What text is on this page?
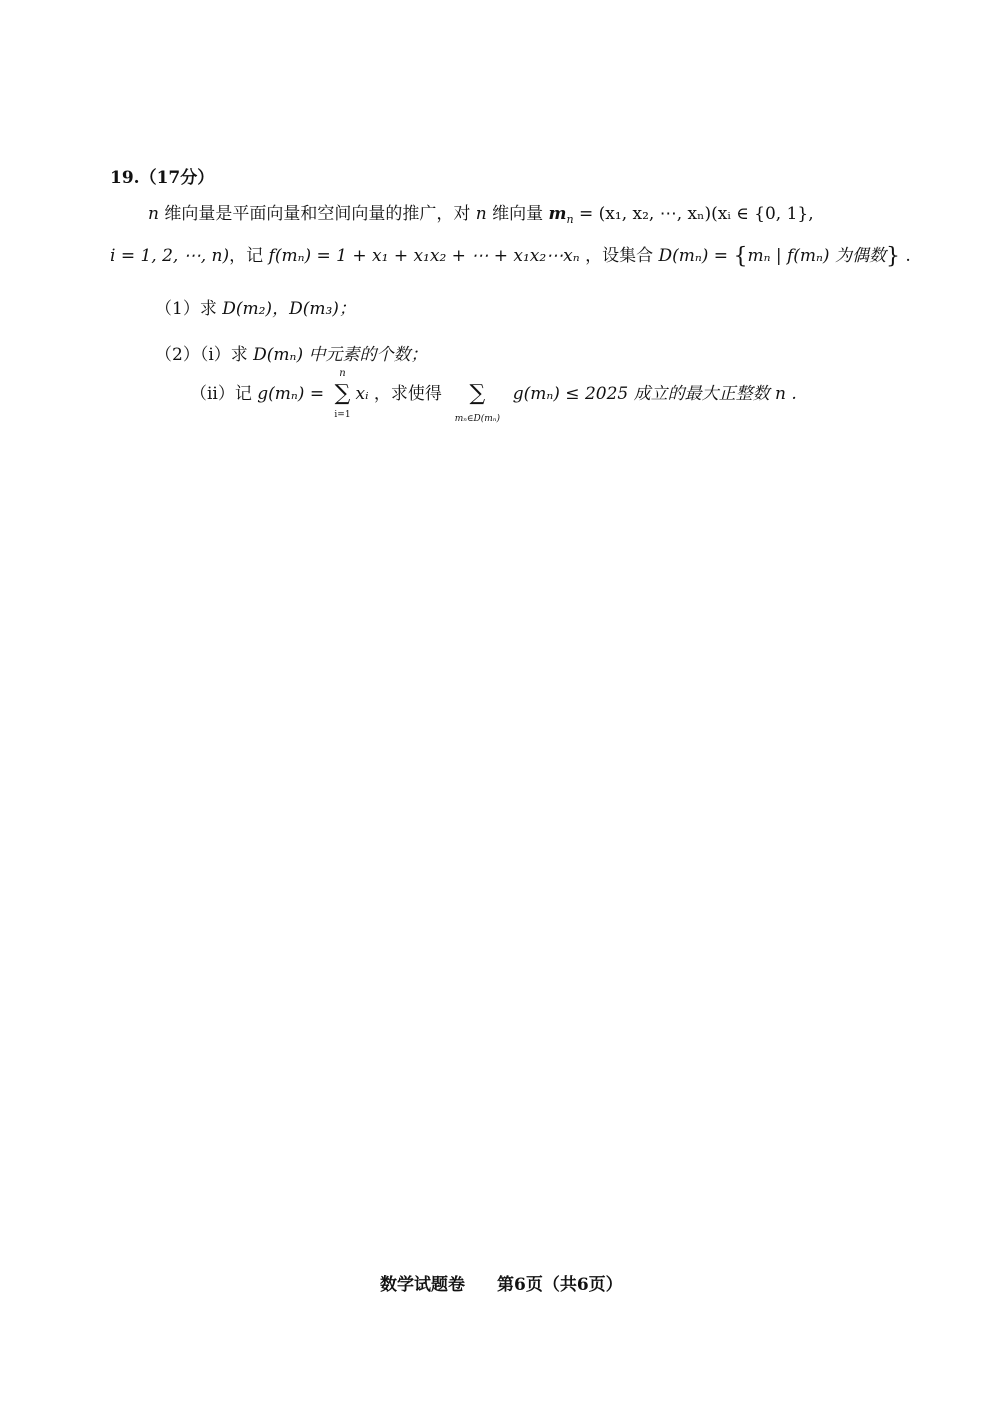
19.（17分）
n 维向量是平面向量和空间向量的推广，对 n 维向量 $m_n = (x_1$, x₂, ⋯, xₙ)(xᵢ ∈ {0, 1},
i = 1, 2, ⋯, n)，记 f(mₙ) = 1 + x₁ + x₁x₂ + ⋯ + x₁x₂⋯xₙ ，设集合 D(mₙ) = {mₙ | f(mₙ) 为偶数} .
（1）求 D(m₂)，D(m₃)；
（2）（i）求 D(mₙ) 中元素的个数；
（ii）记 g(mₙ) =
n
∑
i=1
xᵢ ，求使得 ∑
mₙ∈D(mₙ)
g(mₙ) ≤ 2025 成立的最大正整数 n .
数学试题卷 第6页（共6页）
